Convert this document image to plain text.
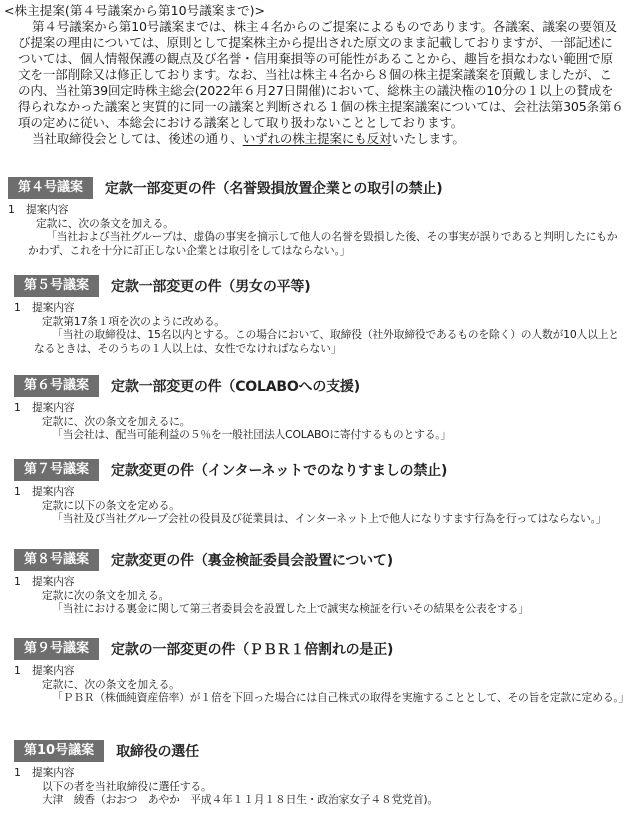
<株主提案(第４号議案から第10号議案まで)>
第４号議案から第10号議案までは、株主４名からのご提案によるものであります。各議案、議案の要領及び提案の理由については、原則として提案株主から提出された原文のまま記載しておりますが、一部記述については、個人情報保護の観点及び名誉・信用棄損等の可能性があることから、趣旨を損なわない範囲で原文を一部削除又は修正しております。なお、当社は株主４名から８個の株主提案議案を頂戴しましたが、この内、当社第39回定時株主総会(2022年６月27日開催)において、総株主の議決権の10分の１以上の賛成を得られなかった議案と実質的に同一の議案と判断される１個の株主提案議案については、会社法第305条第６項の定めに従い、本総会における議案として取り扱わないこととしております。
当社取締役会としては、後述の通り、いずれの株主提案にも反対いたします。
第４号議案	定款一部変更の件（名誉毀損放置企業との取引の禁止)
1	提案内容
定款に、次の条文を加える。
「当社および当社グループは、虚偽の事実を摘示して他人の名誉を毀損した後、その事実が誤りであると判明したにもかかわず、これを十分に訂正しない企業とは取引をしてはならない。」
第５号議案	定款一部変更の件（男女の平等)
1	提案内容
定款第17条１項を次のように改める。
「当社の取締役は、15名以内とする。この場合において、取締役（社外取締役であるものを除く）の人数が10人以上となるときは、そのうちの１人以上は、女性でなければならない」
第６号議案	定款一部変更の件（COLABOへの支援)
1	提案内容
定款に、次の条文を加えるに。
「当会社は、配当可能利益の５％を一般社団法人COLABOに寄付するものとする。」
第７号議案	定款変更の件（インターネットでのなりすましの禁止)
1	提案内容
定款に以下の条文を定める。
「当社及び当社グループ会社の役員及び従業員は、インターネット上で他人になりすます行為を行ってはならない。」
第８号議案	定款変更の件（裏金検証委員会設置について)
1	提案内容
定款に次の条文を加える。
「当社における裏金に関して第三者委員会を設置した上で誠実な検証を行いその結果を公表をする」
第９号議案	定款の一部変更の件（ＰＢＲ１倍割れの是正)
1	提案内容
定款に、次の条文を加える。
「ＰＢＲ（株価純資産倍率）が１倍を下回った場合には自己株式の取得を実施することとして、その旨を定款に定める。」
第10号議案	取締役の選任
1	提案内容
以下の者を当社取締役に選任する。
大津　綾香（おおつ　あやか　平成４年１１月１８日生・政治家女子４８党党首)。
